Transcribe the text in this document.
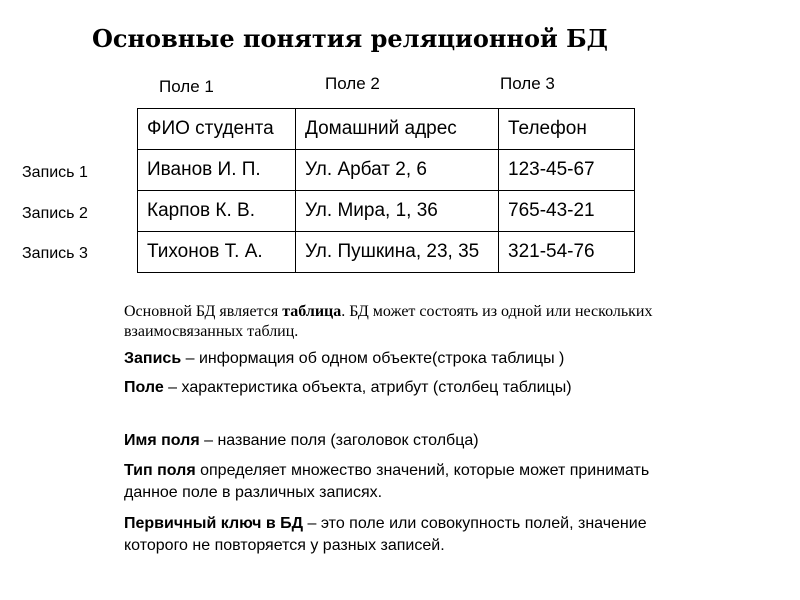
Основные понятия реляционной БД
Поле 1	Поле 2	Поле 3
Запись 1
Запись 2
Запись 3
ФИО студента	Домашний адрес	Телефон
Иванов И. П.	Ул. Арбат 2, 6	123-45-67
Карпов К. В.	Ул. Мира, 1, 36	765-43-21
Тихонов Т. А.	Ул. Пушкина, 23, 35	321-54-76
Основной БД является таблица. БД может состоять из одной или нескольких взаимосвязанных таблиц.
Запись – информация об одном объекте(строка таблицы )
Поле – характеристика объекта, атрибут (столбец таблицы)
Имя поля – название поля (заголовок столбца)
Тип поля определяет множество значений, которые может принимать данное поле в различных записях.
Первичный ключ в БД – это поле или совокупность полей, значение которого не повторяется у разных записей.
